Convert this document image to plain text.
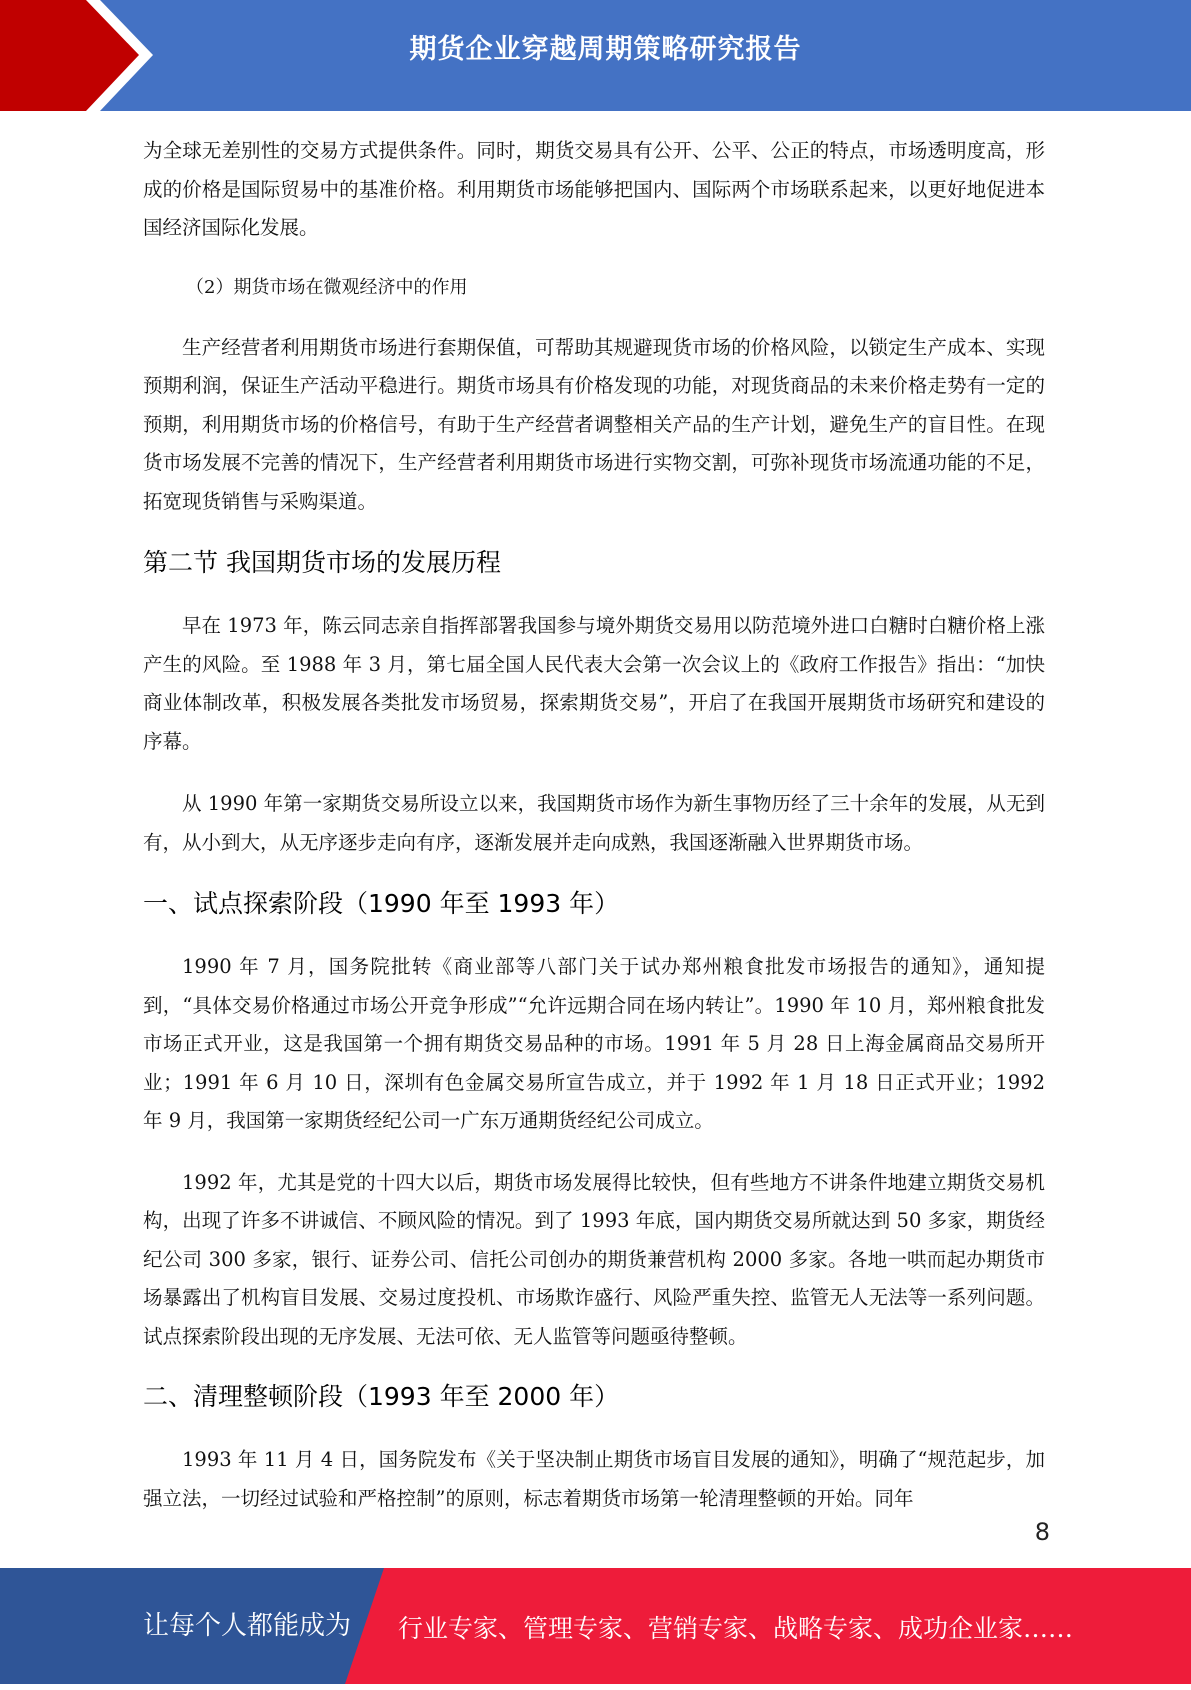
期货企业穿越周期策略研究报告

为全球无差别性的交易方式提供条件。同时，期货交易具有公开、公平、公正的特点，市场透明度高，形成的价格是国际贸易中的基准价格。利用期货市场能够把国内、国际两个市场联系起来，以更好地促进本国经济国际化发展。

（2）期货市场在微观经济中的作用

生产经营者利用期货市场进行套期保值，可帮助其规避现货市场的价格风险，以锁定生产成本、实现预期利润，保证生产活动平稳进行。期货市场具有价格发现的功能，对现货商品的未来价格走势有一定的预期，利用期货市场的价格信号，有助于生产经营者调整相关产品的生产计划，避免生产的盲目性。在现货市场发展不完善的情况下，生产经营者利用期货市场进行实物交割，可弥补现货市场流通功能的不足，拓宽现货销售与采购渠道。

第二节 我国期货市场的发展历程

早在 1973 年，陈云同志亲自指挥部署我国参与境外期货交易用以防范境外进口白糖时白糖价格上涨产生的风险。至 1988 年 3 月，第七届全国人民代表大会第一次会议上的《政府工作报告》指出：“加快商业体制改革，积极发展各类批发市场贸易，探索期货交易”，开启了在我国开展期货市场研究和建设的序幕。

从 1990 年第一家期货交易所设立以来，我国期货市场作为新生事物历经了三十余年的发展，从无到有，从小到大，从无序逐步走向有序，逐渐发展并走向成熟，我国逐渐融入世界期货市场。

一、试点探索阶段（1990 年至 1993 年）

1990 年 7 月，国务院批转《商业部等八部门关于试办郑州粮食批发市场报告的通知》，通知提到，“具体交易价格通过市场公开竞争形成”“允许远期合同在场内转让”。1990 年 10 月，郑州粮食批发市场正式开业，这是我国第一个拥有期货交易品种的市场。1991 年 5 月 28 日上海金属商品交易所开业；1991 年 6 月 10 日，深圳有色金属交易所宣告成立，并于 1992 年 1 月 18 日正式开业；1992 年 9 月，我国第一家期货经纪公司一广东万通期货经纪公司成立。

1992 年，尤其是党的十四大以后，期货市场发展得比较快，但有些地方不讲条件地建立期货交易机构，出现了许多不讲诚信、不顾风险的情况。到了 1993 年底，国内期货交易所就达到 50 多家，期货经纪公司 300 多家，银行、证券公司、信托公司创办的期货兼营机构 2000 多家。各地一哄而起办期货市场暴露出了机构盲目发展、交易过度投机、市场欺诈盛行、风险严重失控、监管无人无法等一系列问题。试点探索阶段出现的无序发展、无法可依、无人监管等问题亟待整顿。

二、清理整顿阶段（1993 年至 2000 年）

1993 年 11 月 4 日，国务院发布《关于坚决制止期货市场盲目发展的通知》，明确了“规范起步，加强立法，一切经过试验和严格控制”的原则，标志着期货市场第一轮清理整顿的开始。同年

8
让每个人都能成为 行业专家、管理专家、营销专家、战略专家、成功企业家……
